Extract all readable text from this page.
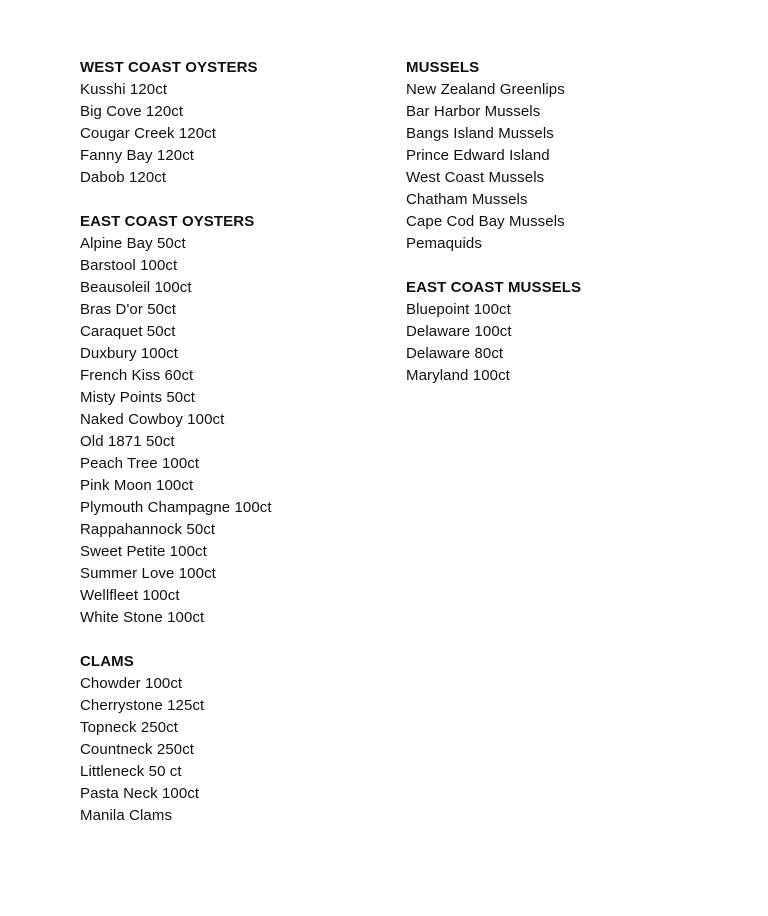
WEST COAST OYSTERS
Kusshi 120ct
Big Cove 120ct
Cougar Creek 120ct
Fanny Bay 120ct
Dabob 120ct
EAST COAST OYSTERS
Alpine Bay 50ct
Barstool 100ct
Beausoleil 100ct
Bras D'or 50ct
Caraquet 50ct
Duxbury 100ct
French Kiss 60ct
Misty Points 50ct
Naked Cowboy 100ct
Old 1871 50ct
Peach Tree 100ct
Pink Moon 100ct
Plymouth Champagne 100ct
Rappahannock 50ct
Sweet Petite 100ct
Summer Love 100ct
Wellfleet 100ct
White Stone 100ct
CLAMS
Chowder 100ct
Cherrystone 125ct
Topneck 250ct
Countneck 250ct
Littleneck 50 ct
Pasta Neck 100ct
Manila Clams
MUSSELS
New Zealand Greenlips
Bar Harbor Mussels
Bangs Island Mussels
Prince Edward Island
West Coast Mussels
Chatham Mussels
Cape Cod Bay Mussels
Pemaquids
EAST COAST MUSSELS
Bluepoint 100ct
Delaware 100ct
Delaware 80ct
Maryland 100ct
